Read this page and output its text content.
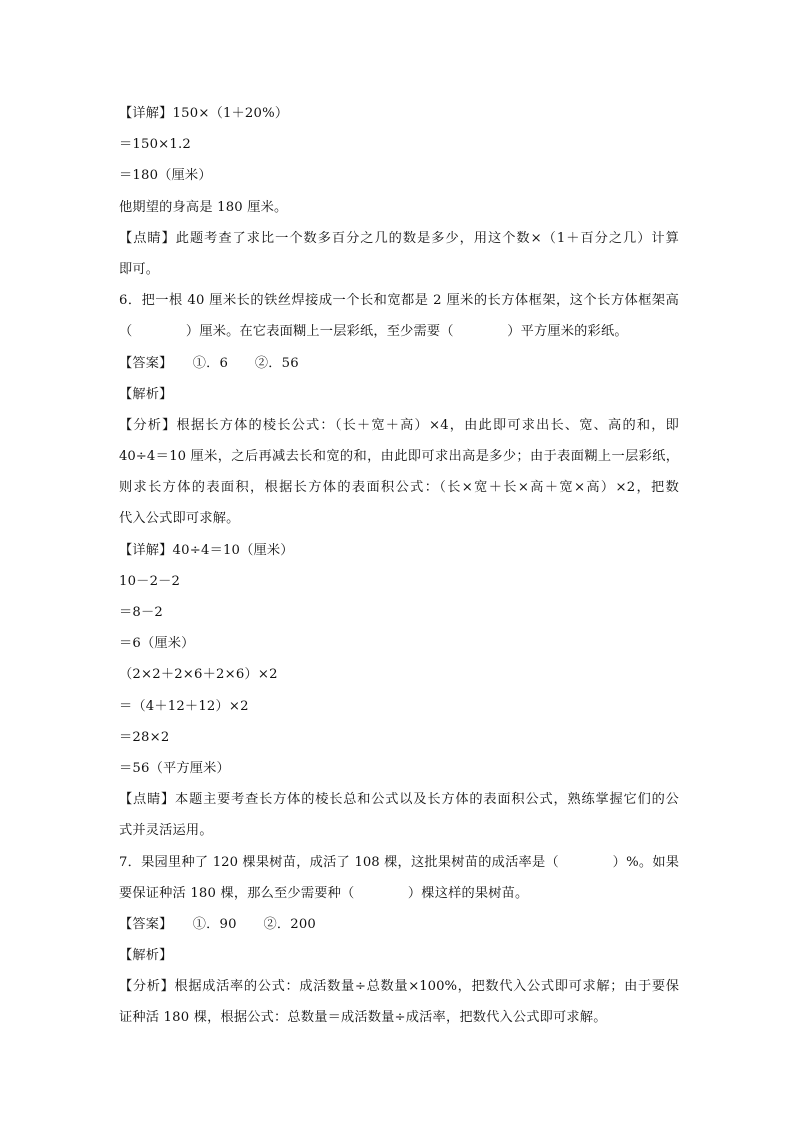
【详解】150×（1＋20%）
＝150×1.2
＝180（厘米）
他期望的身高是 180 厘米。
【点睛】此题考查了求比一个数多百分之几的数是多少，用这个数×（1＋百分之几）计算
即可。
6．把一根 40 厘米长的铁丝焊接成一个长和宽都是 2 厘米的长方体框架，这个长方体框架高
（　　　　）厘米。在它表面糊上一层彩纸，至少需要（　　　　）平方厘米的彩纸。
【答案】　　①．6　　②．56
【解析】
【分析】根据长方体的棱长公式：（长＋宽＋高）×4，由此即可求出长、宽、高的和，即
40÷4＝10 厘米，之后再减去长和宽的和，由此即可求出高是多少；由于表面糊上一层彩纸，
则求长方体的表面积，根据长方体的表面积公式：（长×宽＋长×高＋宽×高）×2，把数
代入公式即可求解。
【详解】40÷4＝10（厘米）
10－2－2
＝8－2
＝6（厘米）
（2×2＋2×6＋2×6）×2
＝（4＋12＋12）×2
＝28×2
＝56（平方厘米）
【点睛】本题主要考查长方体的棱长总和公式以及长方体的表面积公式，熟练掌握它们的公
式并灵活运用。
7．果园里种了 120 棵果树苗，成活了 108 棵，这批果树苗的成活率是（　　　　）%。如果
要保证种活 180 棵，那么至少需要种（　　　　）棵这样的果树苗。
【答案】　　①．90　　②．200
【解析】
【分析】根据成活率的公式：成活数量÷总数量×100%，把数代入公式即可求解；由于要保
证种活 180 棵，根据公式：总数量＝成活数量÷成活率，把数代入公式即可求解。
